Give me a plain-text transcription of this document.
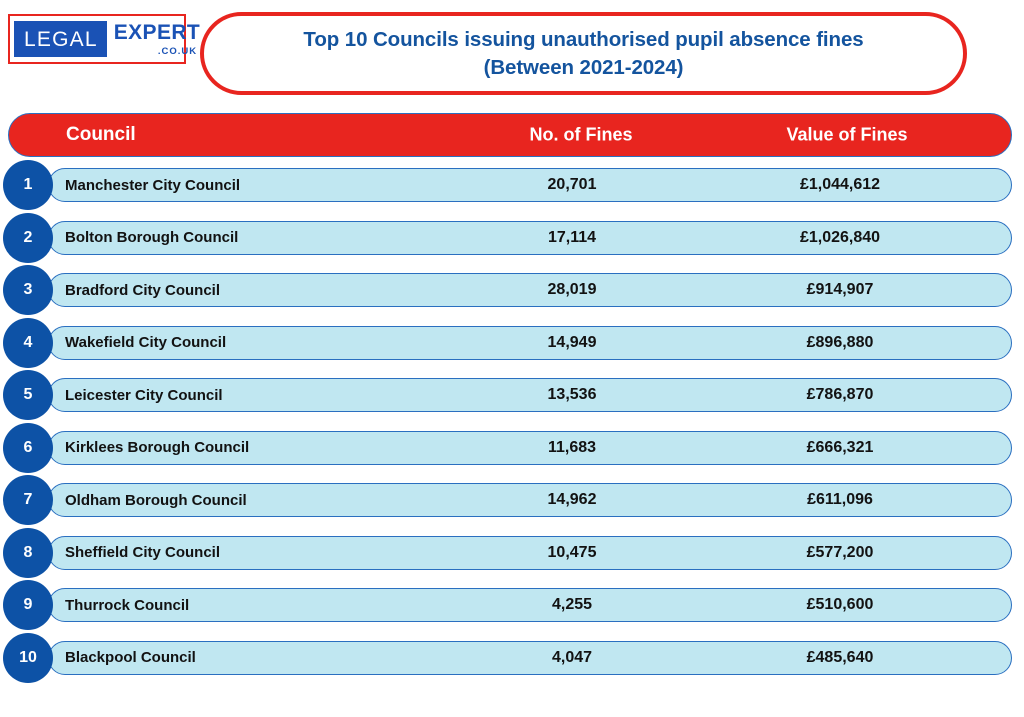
LEGAL EXPERT
.CO.UK
Top 10 Councils issuing unauthorised pupil absence fines
(Between 2021-2024)
Council	No. of Fines	Value of Fines
1	Manchester City Council	20,701	£1,044,612
2	Bolton Borough Council	17,114	£1,026,840
3	Bradford City Council	28,019	£914,907
4	Wakefield City Council	14,949	£896,880
5	Leicester City Council	13,536	£786,870
6	Kirklees Borough Council	11,683	£666,321
7	Oldham Borough Council	14,962	£611,096
8	Sheffield City Council	10,475	£577,200
9	Thurrock Council	4,255	£510,600
10	Blackpool Council	4,047	£485,640
